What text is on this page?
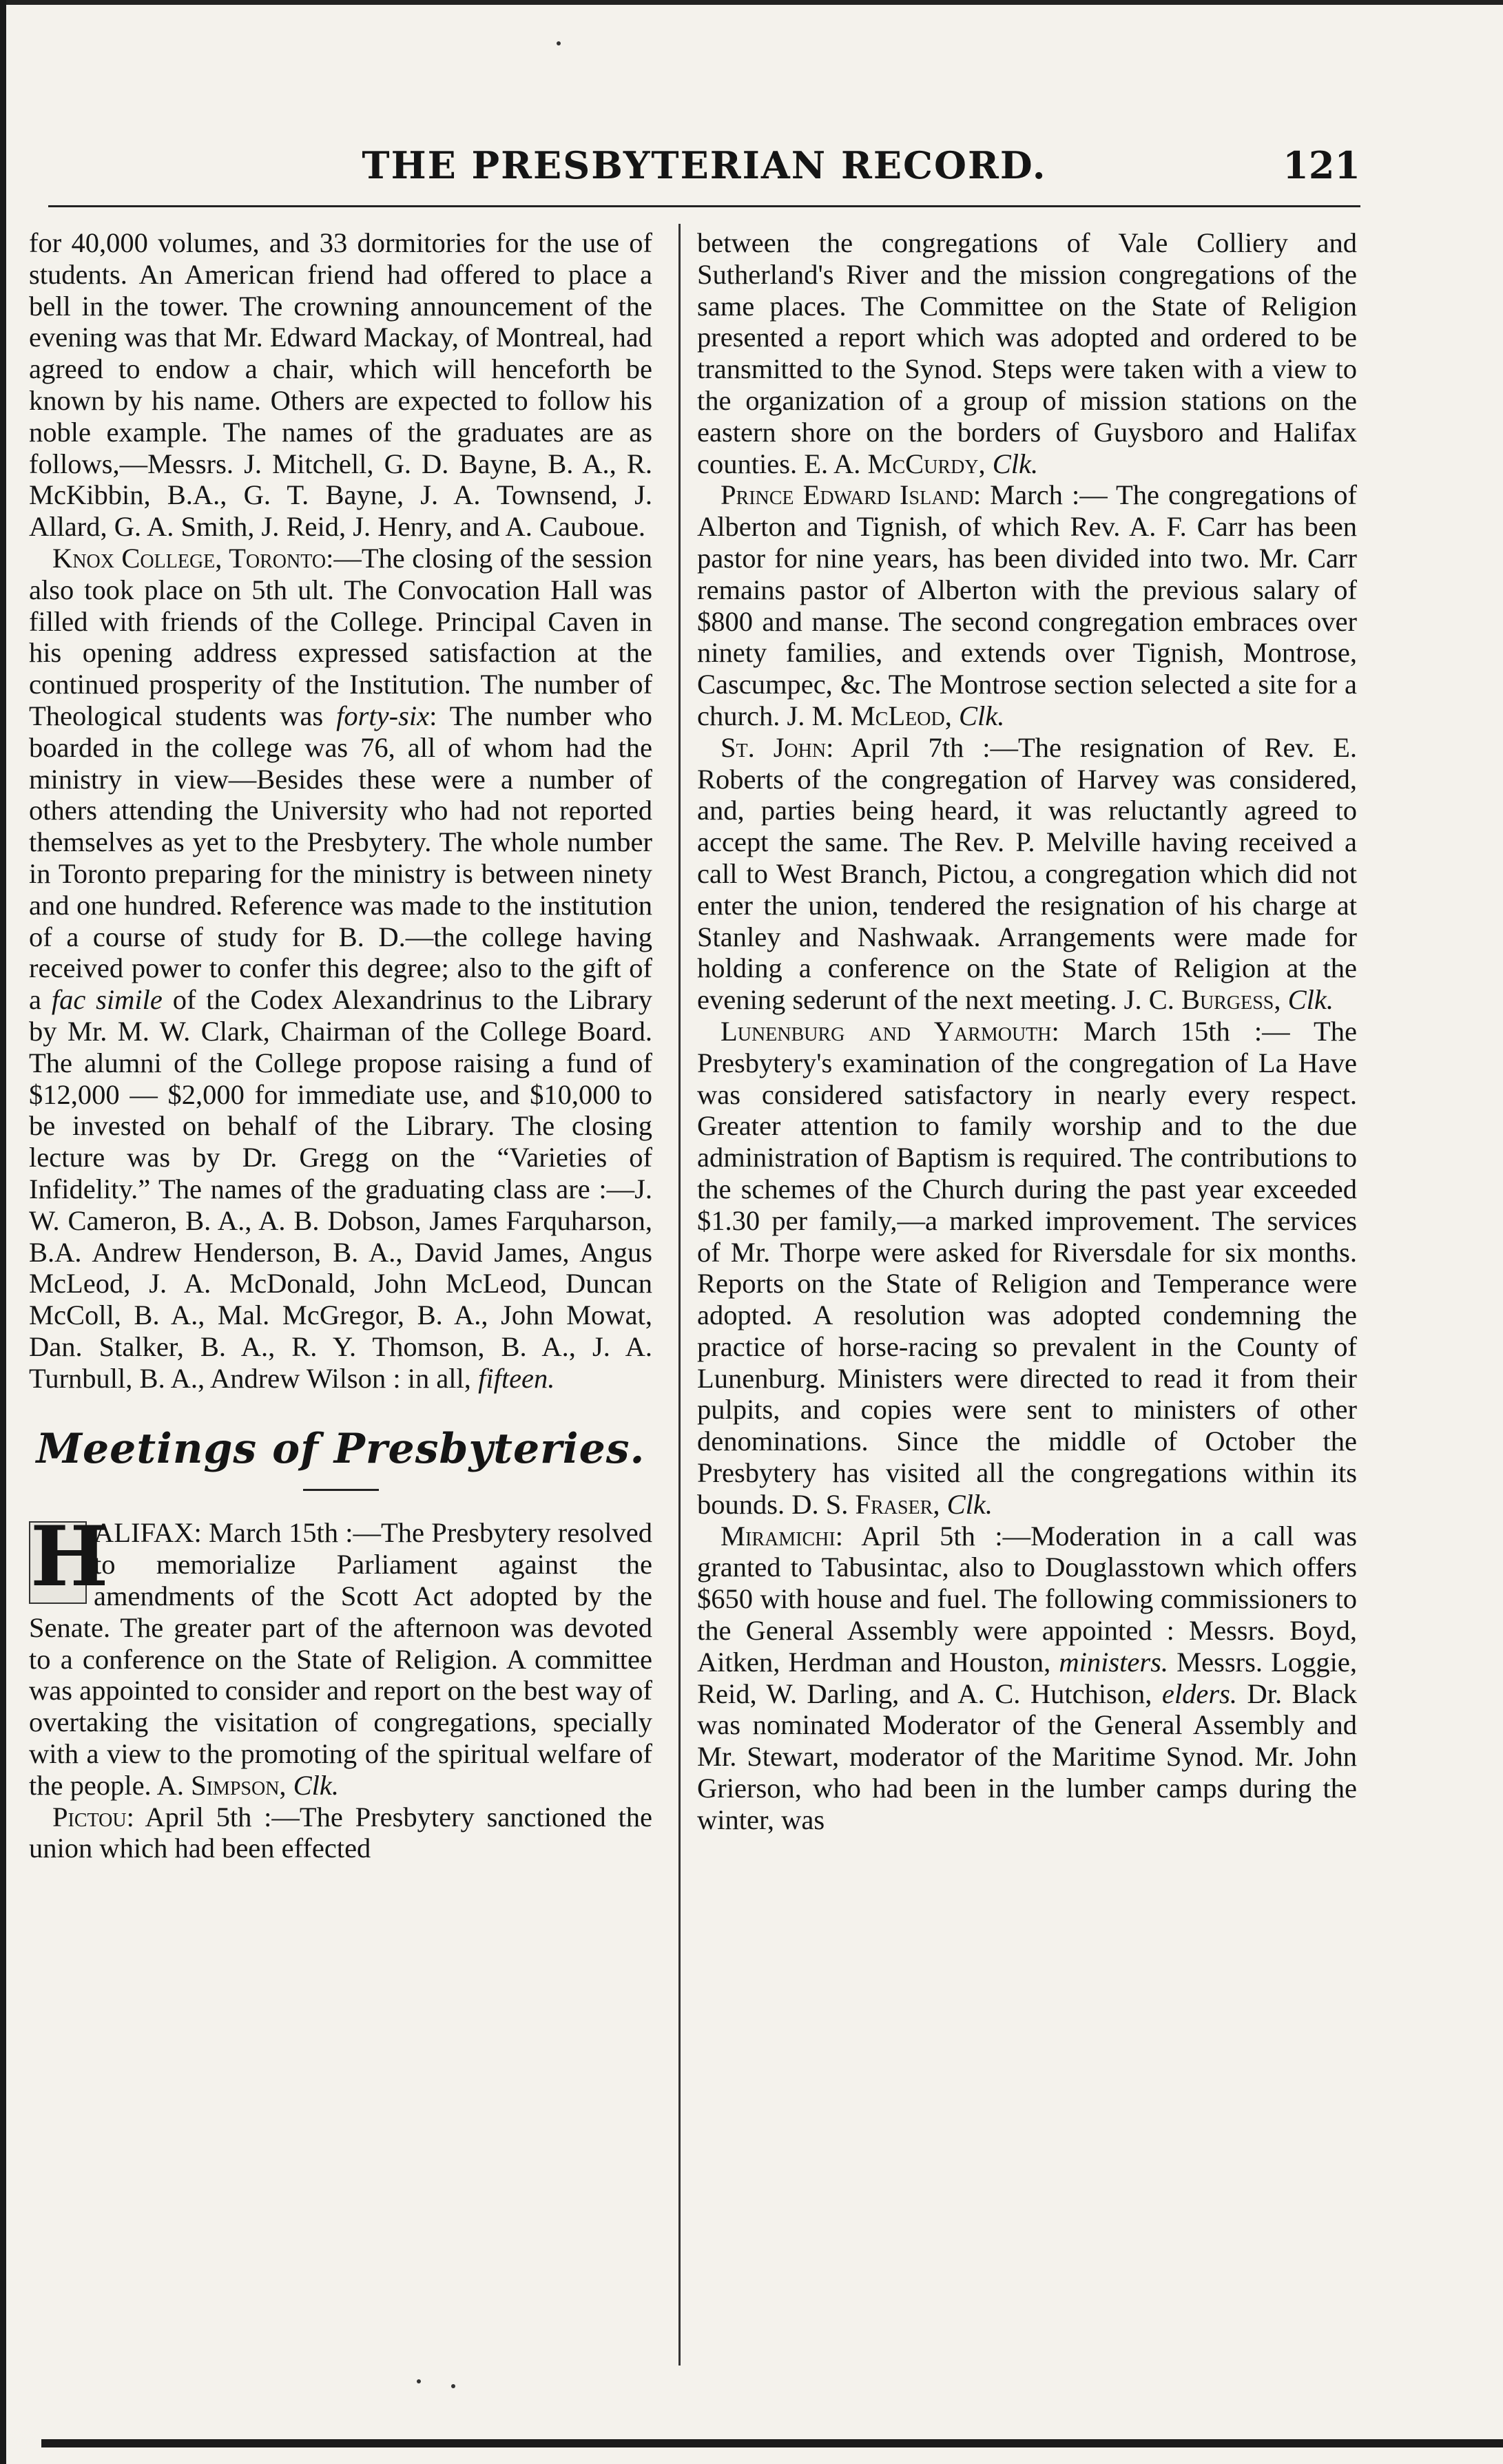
THE PRESBYTERIAN RECORD.	121

for 40,000 volumes, and 33 dormitories for the use of students. An American friend had offered to place a bell in the tower. The crowning announcement of the evening was that Mr. Edward Mackay, of Montreal, had agreed to endow a chair, which will henceforth be known by his name. Others are expected to follow his noble example. The names of the graduates are as follows,—Messrs. J. Mitchell, G. D. Bayne, B. A., R. McKibbin, B.A., G. T. Bayne, J. A. Townsend, J. Allard, G. A. Smith, J. Reid, J. Henry, and A. Cauboue.

Knox College, Toronto:—The closing of the session also took place on 5th ult. The Convocation Hall was filled with friends of the College. Principal Caven in his opening address expressed satisfaction at the continued prosperity of the Institution. The number of Theological students was forty-six: The number who boarded in the college was 76, all of whom had the ministry in view—Besides these were a number of others attending the University who had not reported themselves as yet to the Presbytery. The whole number in Toronto preparing for the ministry is between ninety and one hundred. Reference was made to the institution of a course of study for B. D.—the college having received power to confer this degree; also to the gift of a fac simile of the Codex Alexandrinus to the Library by Mr. M. W. Clark, Chairman of the College Board. The alumni of the College propose raising a fund of $12,000 — $2,000 for immediate use, and $10,000 to be invested on behalf of the Library. The closing lecture was by Dr. Gregg on the “Varieties of Infidelity.” The names of the graduating class are :—J. W. Cameron, B. A., A. B. Dobson, James Farquharson, B.A. Andrew Henderson, B. A., David James, Angus McLeod, J. A. McDonald, John McLeod, Duncan McColl, B. A., Mal. McGregor, B. A., John Mowat, Dan. Stalker, B. A., R. Y. Thomson, B. A., J. A. Turnbull, B. A., Andrew Wilson : in all, fifteen.

Meetings of Presbyteries.

H
ALIFAX: March 15th :—The Presbytery resolved to memorialize Parliament against the amendments of the Scott Act adopted by the Senate. The greater part of the afternoon was devoted to a conference on the State of Religion. A committee was appointed to consider and report on the best way of overtaking the visitation of congregations, specially with a view to the promoting of the spiritual welfare of the people. A. Simpson, Clk.

Pictou: April 5th :—The Presbytery sanctioned the union which had been effected

between the congregations of Vale Colliery and Sutherland's River and the mission congregations of the same places. The Committee on the State of Religion presented a report which was adopted and ordered to be transmitted to the Synod. Steps were taken with a view to the organization of a group of mission stations on the eastern shore on the borders of Guysboro and Halifax counties. E. A. McCurdy, Clk.

Prince Edward Island: March :— The congregations of Alberton and Tignish, of which Rev. A. F. Carr has been pastor for nine years, has been divided into two. Mr. Carr remains pastor of Alberton with the previous salary of $800 and manse. The second congregation embraces over ninety families, and extends over Tignish, Montrose, Cascumpec, &c. The Montrose section selected a site for a church. J. M. McLeod, Clk.

St. John: April 7th :—The resignation of Rev. E. Roberts of the congregation of Harvey was considered, and, parties being heard, it was reluctantly agreed to accept the same. The Rev. P. Melville having received a call to West Branch, Pictou, a congregation which did not enter the union, tendered the resignation of his charge at Stanley and Nashwaak. Arrangements were made for holding a conference on the State of Religion at the evening sederunt of the next meeting. J. C. Burgess, Clk.

Lunenburg and Yarmouth: March 15th :— The Presbytery's examination of the congregation of La Have was considered satisfactory in nearly every respect. Greater attention to family worship and to the due administration of Baptism is required. The contributions to the schemes of the Church during the past year exceeded $1.30 per family,—a marked improvement. The services of Mr. Thorpe were asked for Riversdale for six months. Reports on the State of Religion and Temperance were adopted. A resolution was adopted condemning the practice of horse-racing so prevalent in the County of Lunenburg. Ministers were directed to read it from their pulpits, and copies were sent to ministers of other denominations. Since the middle of October the Presbytery has visited all the congregations within its bounds. D. S. Fraser, Clk.

Miramichi: April 5th :—Moderation in a call was granted to Tabusintac, also to Douglasstown which offers $650 with house and fuel. The following commissioners to the General Assembly were appointed : Messrs. Boyd, Aitken, Herdman and Houston, ministers. Messrs. Loggie, Reid, W. Darling, and A. C. Hutchison, elders. Dr. Black was nominated Moderator of the General Assembly and Mr. Stewart, moderator of the Maritime Synod. Mr. John Grierson, who had been in the lumber camps during the winter, was
